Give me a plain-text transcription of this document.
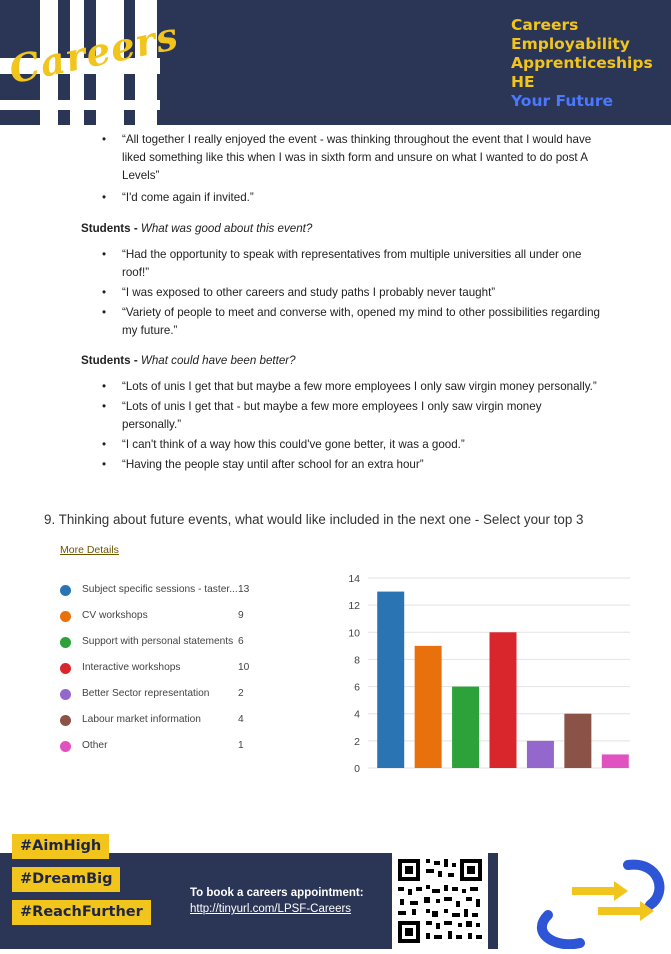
Careers	Careers
Employability
Apprenticeships
HE
Your Future
• “All together I really enjoyed the event - was thinking throughout the event that I would have liked something like this when I was in sixth form and unsure on what I wanted to do post A Levels”
• “I'd come again if invited.”
Students - What was good about this event?
• “Had the opportunity to speak with representatives from multiple universities all under one roof!”
• “I was exposed to other careers and study paths I probably never taught”
• “Variety of people to meet and converse with, opened my mind to other possibilities regarding my future.”
Students - What could have been better?
• “Lots of unis I get that but maybe a few more employees I only saw virgin money personally.”
• “Lots of unis I get that - but maybe a few more employees I only saw virgin money personally.”
• “I can't think of a way how this could've gone better, it was a good.”
• “Having the people stay until after school for an extra hour”
9. Thinking about future events, what would like included in the next one - Select your top 3
More Details
Subject specific sessions - taster... 13
CV workshops	9
Support with personal statements 6
Interactive workshops	10
Better Sector representation	2
Labour market information	4
Other	1
0
2
4
6
8
10
12
14
#AimHigh
#DreamBig
#ReachFurther
To book a careers appointment:
http://tinyurl.com/LPSF-Careers
